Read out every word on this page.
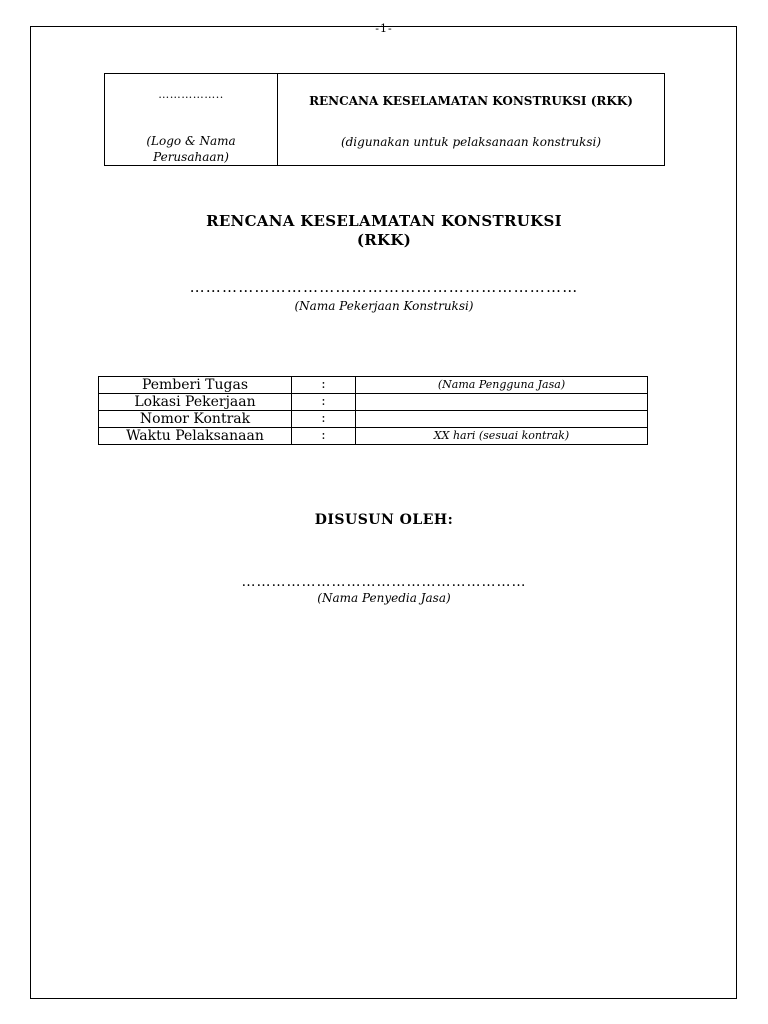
-1-
……………..
(Logo & Nama
Perusahaan)

RENCANA KESELAMATAN KONSTRUKSI (RKK)
(digunakan untuk pelaksanaan konstruksi)
RENCANA KESELAMATAN KONSTRUKSI
(RKK)
………………………………………………………………
(Nama Pekerjaan Konstruksi)
Pemberi Tugas	:	(Nama Pengguna Jasa)
Lokasi Pekerjaan	:	
Nomor Kontrak	:	
Waktu Pelaksanaan	:	XX hari (sesuai kontrak)
DISUSUN OLEH:
…………………………………………………
(Nama Penyedia Jasa)
